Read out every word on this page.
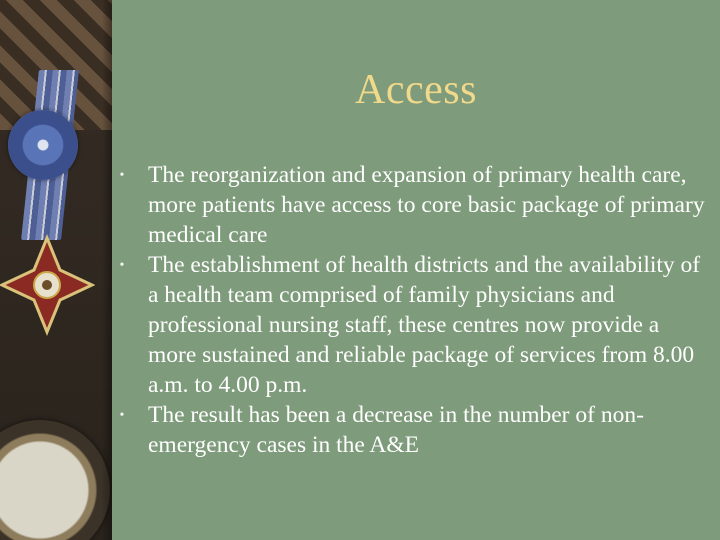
Access
•	The reorganization and expansion of primary health care, more patients have access to core basic package of primary medical care
•	The establishment of health districts and the availability of a health team comprised of family physicians and professional nursing staff, these centres now provide a more sustained and reliable package of services from 8.00 a.m. to 4.00 p.m.
•	The result has been a decrease in the number of non-emergency cases in the A&E
